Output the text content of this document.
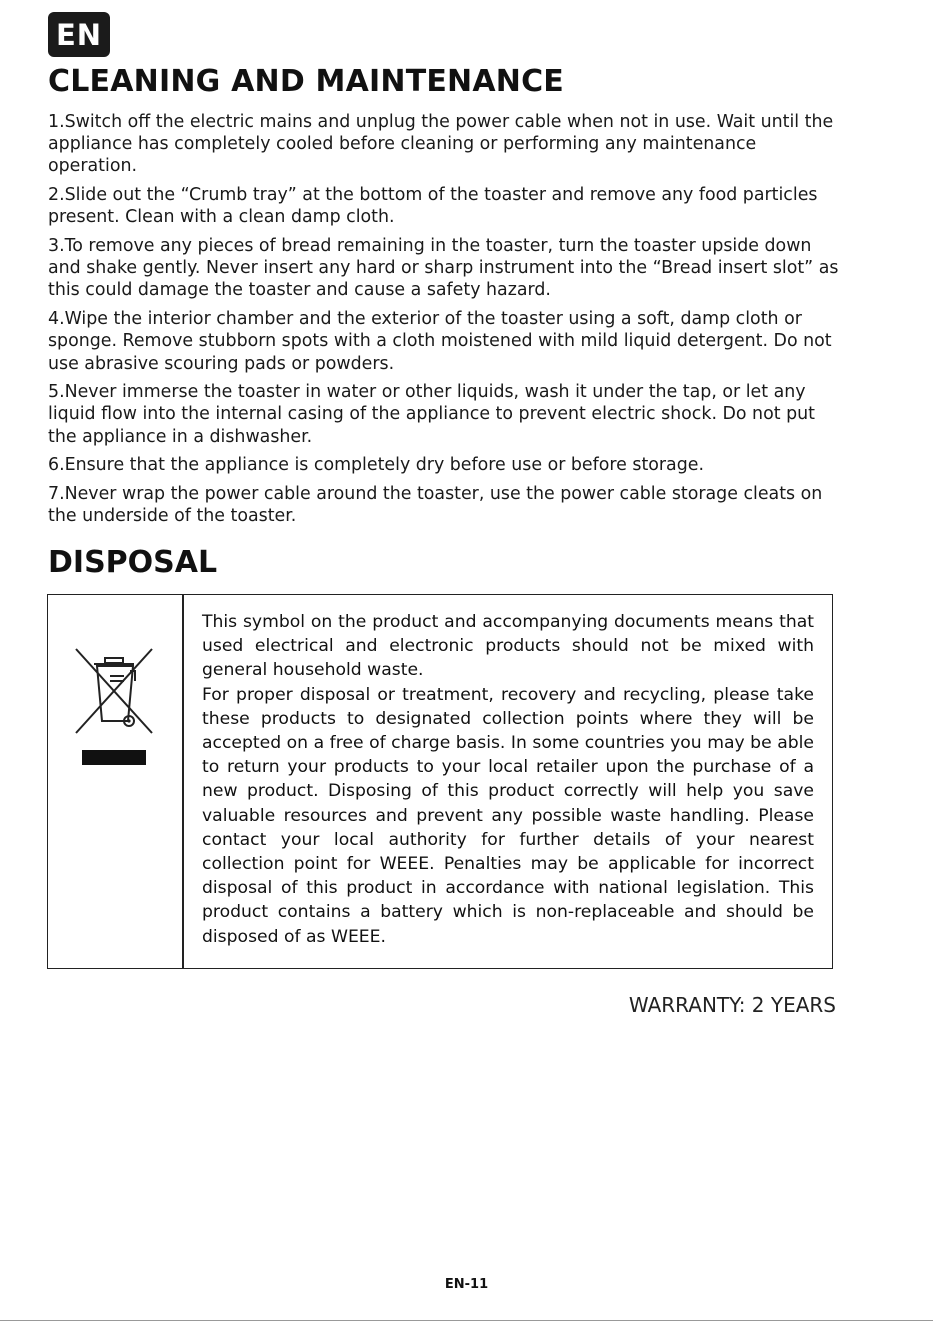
EN
CLEANING AND MAINTENANCE
1.Switch off the electric mains and unplug the power cable when not in use. Wait until the appliance has completely cooled before cleaning or performing any maintenance operation.
2.Slide out the “Crumb tray” at the bottom of the toaster and remove any food particles present. Clean with a clean damp cloth.
3.To remove any pieces of bread remaining in the toaster, turn the toaster upside down and shake gently. Never insert any hard or sharp instrument into the “Bread insert slot” as this could damage the toaster and cause a safety hazard.
4.Wipe the interior chamber and the exterior of the toaster using a soft, damp cloth or sponge. Remove stubborn spots with a cloth moistened with mild liquid detergent. Do not use abrasive scouring pads or powders.
5.Never immerse the toaster in water or other liquids, wash it under the tap, or let any liquid flow into the internal casing of the appliance to prevent electric shock. Do not put the appliance in a dishwasher.
6.Ensure that the appliance is completely dry before use or before storage.
7.Never wrap the power cable around the toaster, use the power cable storage cleats on the underside of the toaster.
DISPOSAL
This symbol on the product and accompanying documents means that used electrical and electronic products should not be mixed with general household waste.
For proper disposal or treatment, recovery and recycling, please take these products to designated collection points where they will be accepted on a free of charge basis. In some countries you may be able to return your products to your local retailer upon the purchase of a new product. Disposing of this product correctly will help you save valuable resources and prevent any possible waste handling. Please contact your local authority for further details of your nearest collection point for WEEE. Penalties may be applicable for incorrect disposal of this product in accordance with national legislation. This product contains a battery which is non-replaceable and should be disposed of as WEEE.
WARRANTY: 2 YEARS
EN-11
